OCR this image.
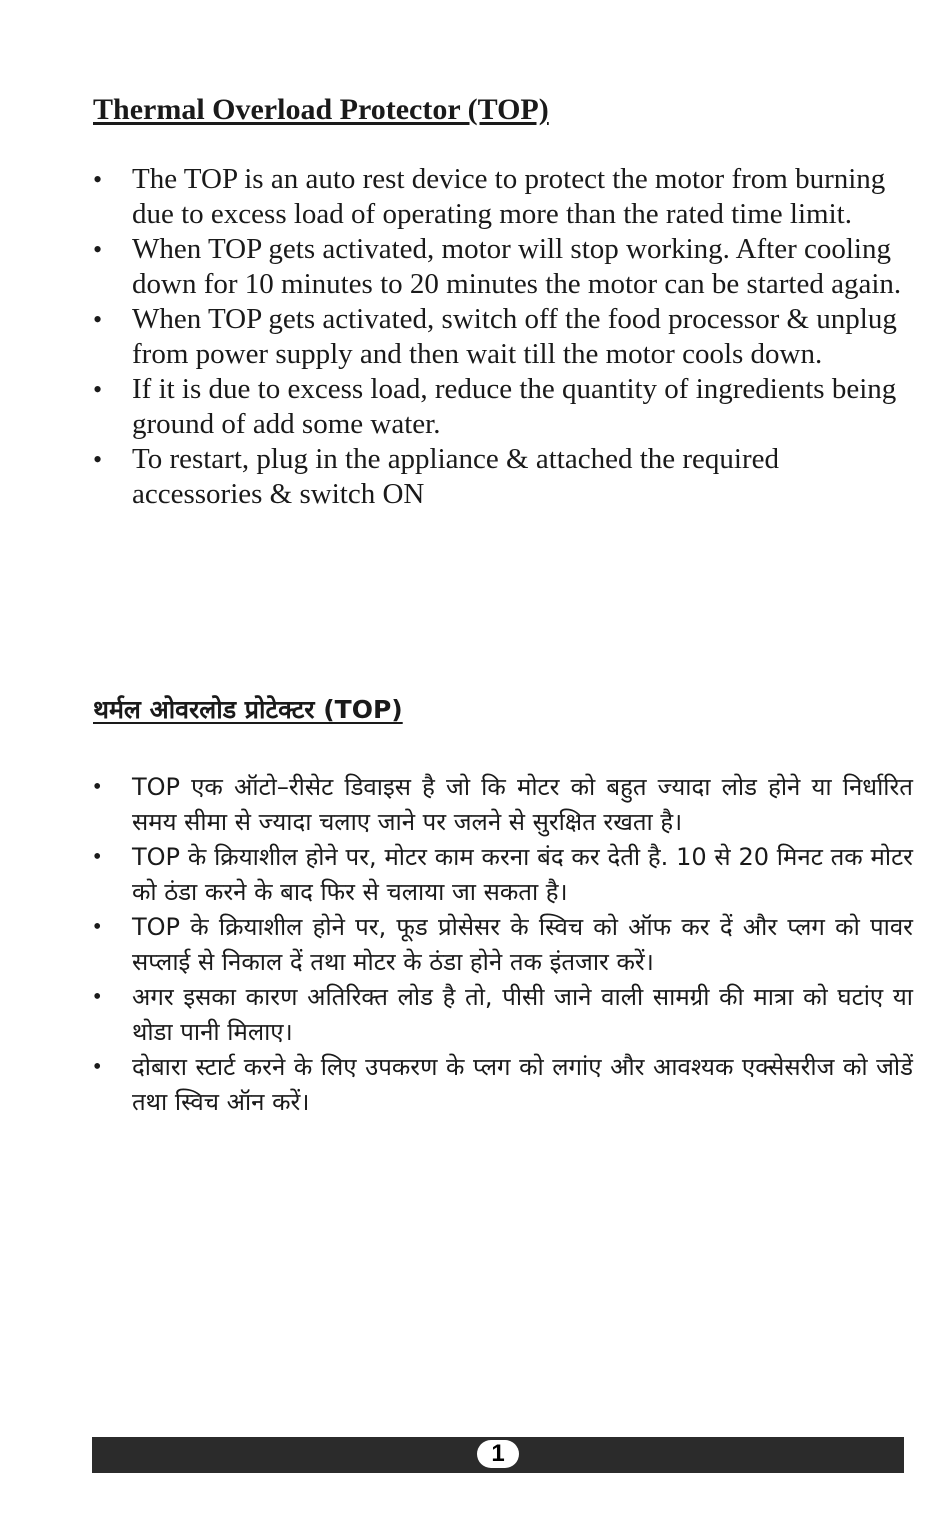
Thermal Overload Protector (TOP)
• The TOP is an auto rest device to protect the motor from burning due to excess load of operating more than the rated time limit.
• When TOP gets activated, motor will stop working. After cooling down for 10 minutes to 20 minutes the motor can be started again.
• When TOP gets activated, switch off the food processor & unplug from power supply and then wait till the motor cools down.
• If it is due to excess load, reduce the quantity of ingredients being ground of add some water.
• To restart, plug in the appliance & attached the required accessories & switch ON
थर्मल ओवरलोड प्रोटेक्टर (TOP)
• TOP एक ऑटो–रीसेट डिवाइस है जो कि मोटर को बहुत ज्यादा लोड होने या निर्धारित समय सीमा से ज्यादा चलाए जाने पर जलने से सुरक्षित रखता है।
• TOP के क्रियाशील होने पर, मोटर काम करना बंद कर देती है. 10 से 20 मिनट तक मोटर को ठंडा करने के बाद फिर से चलाया जा सकता है।
• TOP के क्रियाशील होने पर, फूड प्रोसेसर के स्विच को ऑफ कर दें और प्लग को पावर सप्लाई से निकाल दें तथा मोटर के ठंडा होने तक इंतजार करें।
• अगर इसका कारण अतिरिक्त लोड है तो, पीसी जाने वाली सामग्री की मात्रा को घटांए या थोडा पानी मिलाए।
• दोबारा स्टार्ट करने के लिए उपकरण के प्लग को लगांए और आवश्यक एक्सेसरीज को जोडें तथा स्विच ऑन करें।
1
